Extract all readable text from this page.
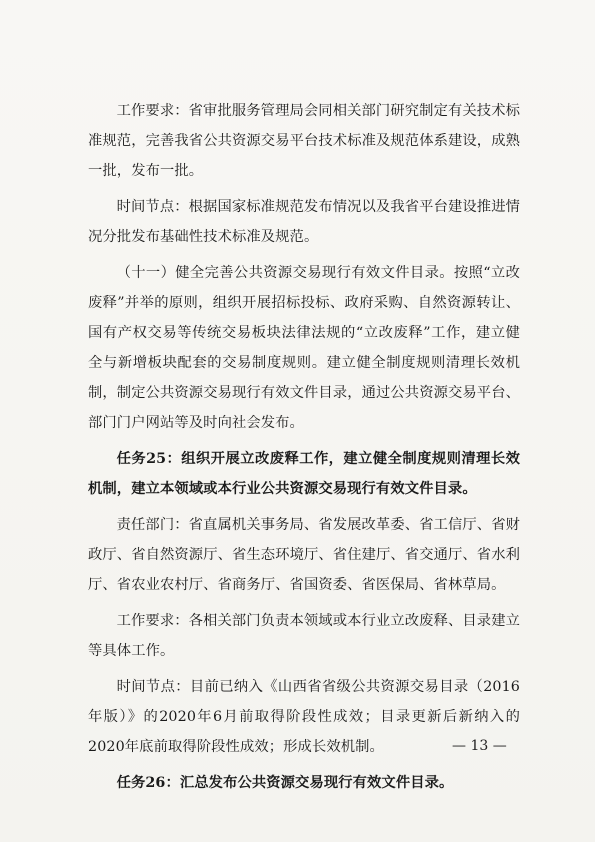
工作要求：省审批服务管理局会同相关部门研究制定有关技术标准规范，完善我省公共资源交易平台技术标准及规范体系建设，成熟一批，发布一批。

时间节点：根据国家标准规范发布情况以及我省平台建设推进情况分批发布基础性技术标准及规范。

（十一）健全完善公共资源交易现行有效文件目录。按照“立改废释”并举的原则，组织开展招标投标、政府采购、自然资源转让、国有产权交易等传统交易板块法律法规的“立改废释”工作，建立健全与新增板块配套的交易制度规则。建立健全制度规则清理长效机制，制定公共资源交易现行有效文件目录，通过公共资源交易平台、部门门户网站等及时向社会发布。

任务25：组织开展立改废释工作，建立健全制度规则清理长效机制，建立本领域或本行业公共资源交易现行有效文件目录。

责任部门：省直属机关事务局、省发展改革委、省工信厅、省财政厅、省自然资源厅、省生态环境厅、省住建厅、省交通厅、省水利厅、省农业农村厅、省商务厅、省国资委、省医保局、省林草局。

工作要求：各相关部门负责本领域或本行业立改废释、目录建立等具体工作。

时间节点：目前已纳入《山西省省级公共资源交易目录（2016年版）》的2020年6月前取得阶段性成效；目录更新后新纳入的2020年底前取得阶段性成效；形成长效机制。

任务26：汇总发布公共资源交易现行有效文件目录。

— 13 —
